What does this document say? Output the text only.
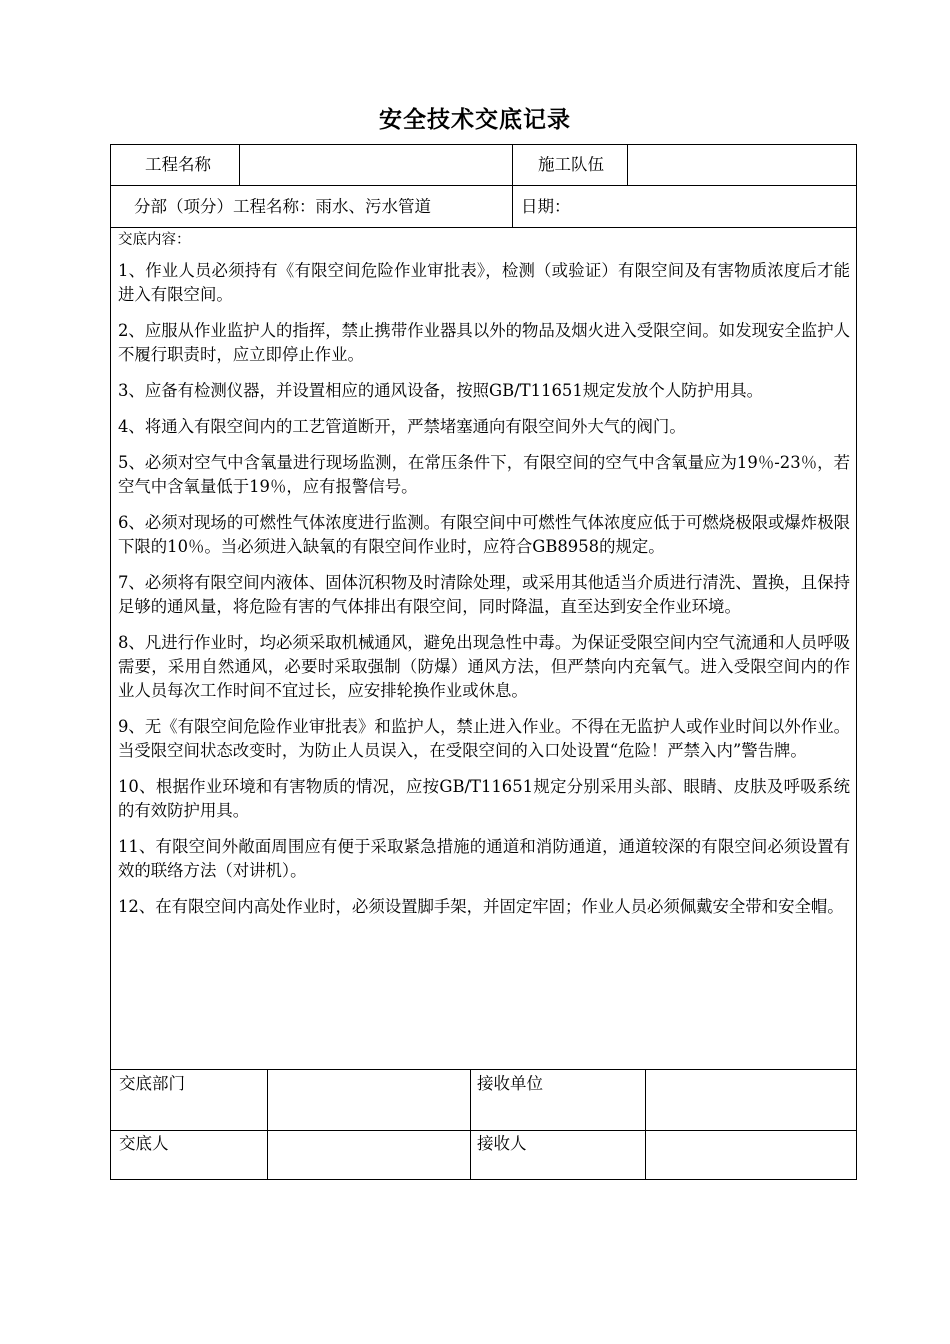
安全技术交底记录
工程名称	施工队伍
分部（项分）工程名称：雨水、污水管道	日期：
交底内容：

1、作业人员必须持有《有限空间危险作业审批表》，检测（或验证）有限空间及有害物质浓度后才能进入有限空间。

2、应服从作业监护人的指挥，禁止携带作业器具以外的物品及烟火进入受限空间。如发现安全监护人不履行职责时，应立即停止作业。

3、应备有检测仪器，并设置相应的通风设备，按照GB/T11651规定发放个人防护用具。

4、将通入有限空间内的工艺管道断开，严禁堵塞通向有限空间外大气的阀门。

5、必须对空气中含氧量进行现场监测，在常压条件下，有限空间的空气中含氧量应为19％-23％，若空气中含氧量低于19％，应有报警信号。

6、必须对现场的可燃性气体浓度进行监测。有限空间中可燃性气体浓度应低于可燃烧极限或爆炸极限下限的10％。当必须进入缺氧的有限空间作业时，应符合GB8958的规定。

7、必须将有限空间内液体、固体沉积物及时清除处理，或采用其他适当介质进行清洗、置换，且保持足够的通风量，将危险有害的气体排出有限空间，同时降温，直至达到安全作业环境。

8、凡进行作业时，均必须采取机械通风，避免出现急性中毒。为保证受限空间内空气流通和人员呼吸需要，采用自然通风，必要时采取强制（防爆）通风方法，但严禁向内充氧气。进入受限空间内的作业人员每次工作时间不宜过长，应安排轮换作业或休息。

9、无《有限空间危险作业审批表》和监护人，禁止进入作业。不得在无监护人或作业时间以外作业。当受限空间状态改变时，为防止人员误入，在受限空间的入口处设置“危险！严禁入内”警告牌。

10、根据作业环境和有害物质的情况，应按GB/T11651规定分别采用头部、眼睛、皮肤及呼吸系统的有效防护用具。

11、有限空间外敞面周围应有便于采取紧急措施的通道和消防通道，通道较深的有限空间必须设置有效的联络方法（对讲机）。

12、在有限空间内高处作业时，必须设置脚手架，并固定牢固；作业人员必须佩戴安全带和安全帽。

交底部门	接收单位
交底人	接收人
